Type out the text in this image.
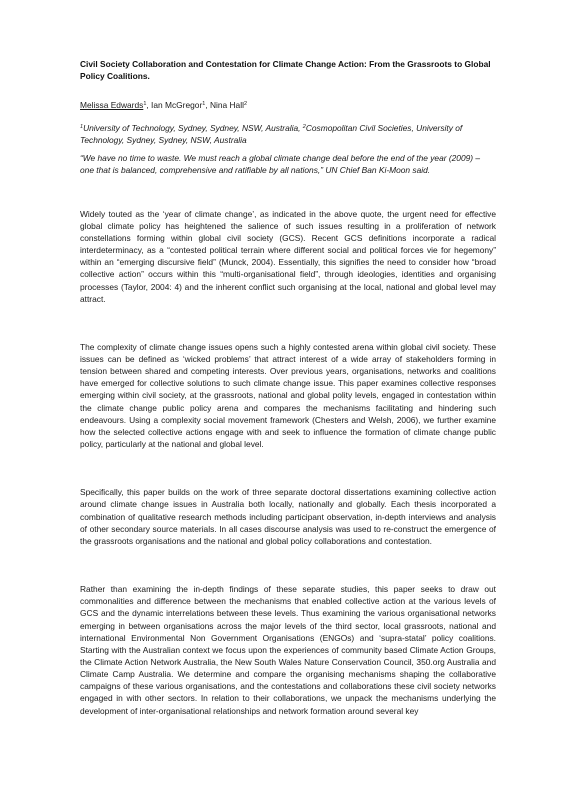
Civil Society Collaboration and Contestation for Climate Change Action: From the Grassroots to Global Policy Coalitions.

Melissa Edwards$^1$, Ian McGregor$^1$, Nina Hall$^2$

$^1$University of Technology, Sydney, Sydney, NSW, Australia, $^2$Cosmopolitan Civil Societies, University of Technology, Sydney, Sydney, NSW, Australia

“We have no time to waste. We must reach a global climate change deal before the end of the year (2009) – one that is balanced, comprehensive and ratifiable by all nations,” UN Chief Ban Ki-Moon said.

Widely touted as the ‘year of climate change’, as indicated in the above quote, the urgent need for effective global climate policy has heightened the salience of such issues resulting in a proliferation of network constellations forming within global civil society (GCS). Recent GCS definitions incorporate a radical interdeterminacy, as a “contested political terrain where different social and political forces vie for hegemony” within an “emerging discursive field” (Munck, 2004). Essentially, this signifies the need to consider how “broad collective action” occurs within this “multi-organisational field”, through ideologies, identities and organising processes (Taylor, 2004: 4) and the inherent conflict such organising at the local, national and global level may attract.

The complexity of climate change issues opens such a highly contested arena within global civil society. These issues can be defined as ‘wicked problems’ that attract interest of a wide array of stakeholders forming in tension between shared and competing interests. Over previous years, organisations, networks and coalitions have emerged for collective solutions to such climate change issue. This paper examines collective responses emerging within civil society, at the grassroots, national and global polity levels, engaged in contestation within the climate change public policy arena and compares the mechanisms facilitating and hindering such endeavours. Using a complexity social movement framework (Chesters and Welsh, 2006), we further examine how the selected collective actions engage with and seek to influence the formation of climate change public policy, particularly at the national and global level.

Specifically, this paper builds on the work of three separate doctoral dissertations examining collective action around climate change issues in Australia both locally, nationally and globally. Each thesis incorporated a combination of qualitative research methods including participant observation, in-depth interviews and analysis of other secondary source materials. In all cases discourse analysis was used to re-construct the emergence of the grassroots organisations and the national and global policy collaborations and contestation.

Rather than examining the in-depth findings of these separate studies, this paper seeks to draw out commonalities and difference between the mechanisms that enabled collective action at the various levels of GCS and the dynamic interrelations between these levels. Thus examining the various organisational networks emerging in between organisations across the major levels of the third sector, local grassroots, national and international Environmental Non Government Organisations (ENGOs) and ‘supra-statal’ policy coalitions. Starting with the Australian context we focus upon the experiences of community based Climate Action Groups, the Climate Action Network Australia, the New South Wales Nature Conservation Council, 350.org Australia and Climate Camp Australia. We determine and compare the organising mechanisms shaping the collaborative campaigns of these various organisations, and the contestations and collaborations these civil society networks engaged in with other sectors. In relation to their collaborations, we unpack the mechanisms underlying the development of inter-organisational relationships and network formation around several key
